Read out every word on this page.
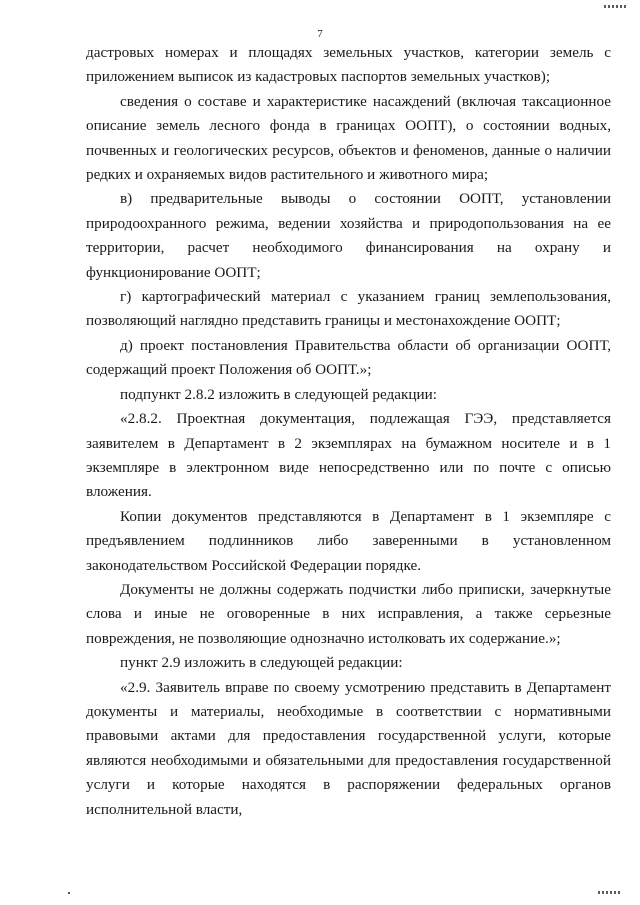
7

дастровых номерах и площадях земельных участков, категории земель с приложением выписок из кадастровых паспортов земельных участков);

сведения о составе и характеристике насаждений (включая таксационное описание земель лесного фонда в границах ООПТ), о состоянии водных, почвенных и геологических ресурсов, объектов и феноменов, данные о наличии редких и охраняемых видов растительного и животного мира;

в) предварительные выводы о состоянии ООПТ, установлении природоохранного режима, ведении хозяйства и природопользования на ее территории, расчет необходимого финансирования на охрану и функционирование ООПТ;

г) картографический материал с указанием границ землепользования, позволяющий наглядно представить границы и местонахождение ООПТ;

д) проект постановления Правительства области об организации ООПТ, содержащий проект Положения об ООПТ.»;

подпункт 2.8.2 изложить в следующей редакции:

«2.8.2. Проектная документация, подлежащая ГЭЭ, представляется заявителем в Департамент в 2 экземплярах на бумажном носителе и в 1 экземпляре в электронном виде непосредственно или по почте с описью вложения.

Копии документов представляются в Департамент в 1 экземпляре с предъявлением подлинников либо заверенными в установленном законодательством Российской Федерации порядке.

Документы не должны содержать подчистки либо приписки, зачеркнутые слова и иные не оговоренные в них исправления, а также серьезные повреждения, не позволяющие однозначно истолковать их содержание.»;

пункт 2.9 изложить в следующей редакции:

«2.9. Заявитель вправе по своему усмотрению представить в Департамент документы и материалы, необходимые в соответствии с нормативными правовыми актами для предоставления государственной услуги, которые являются необходимыми и обязательными для предоставления государственной услуги и которые находятся в распоряжении федеральных органов исполнительной власти,
